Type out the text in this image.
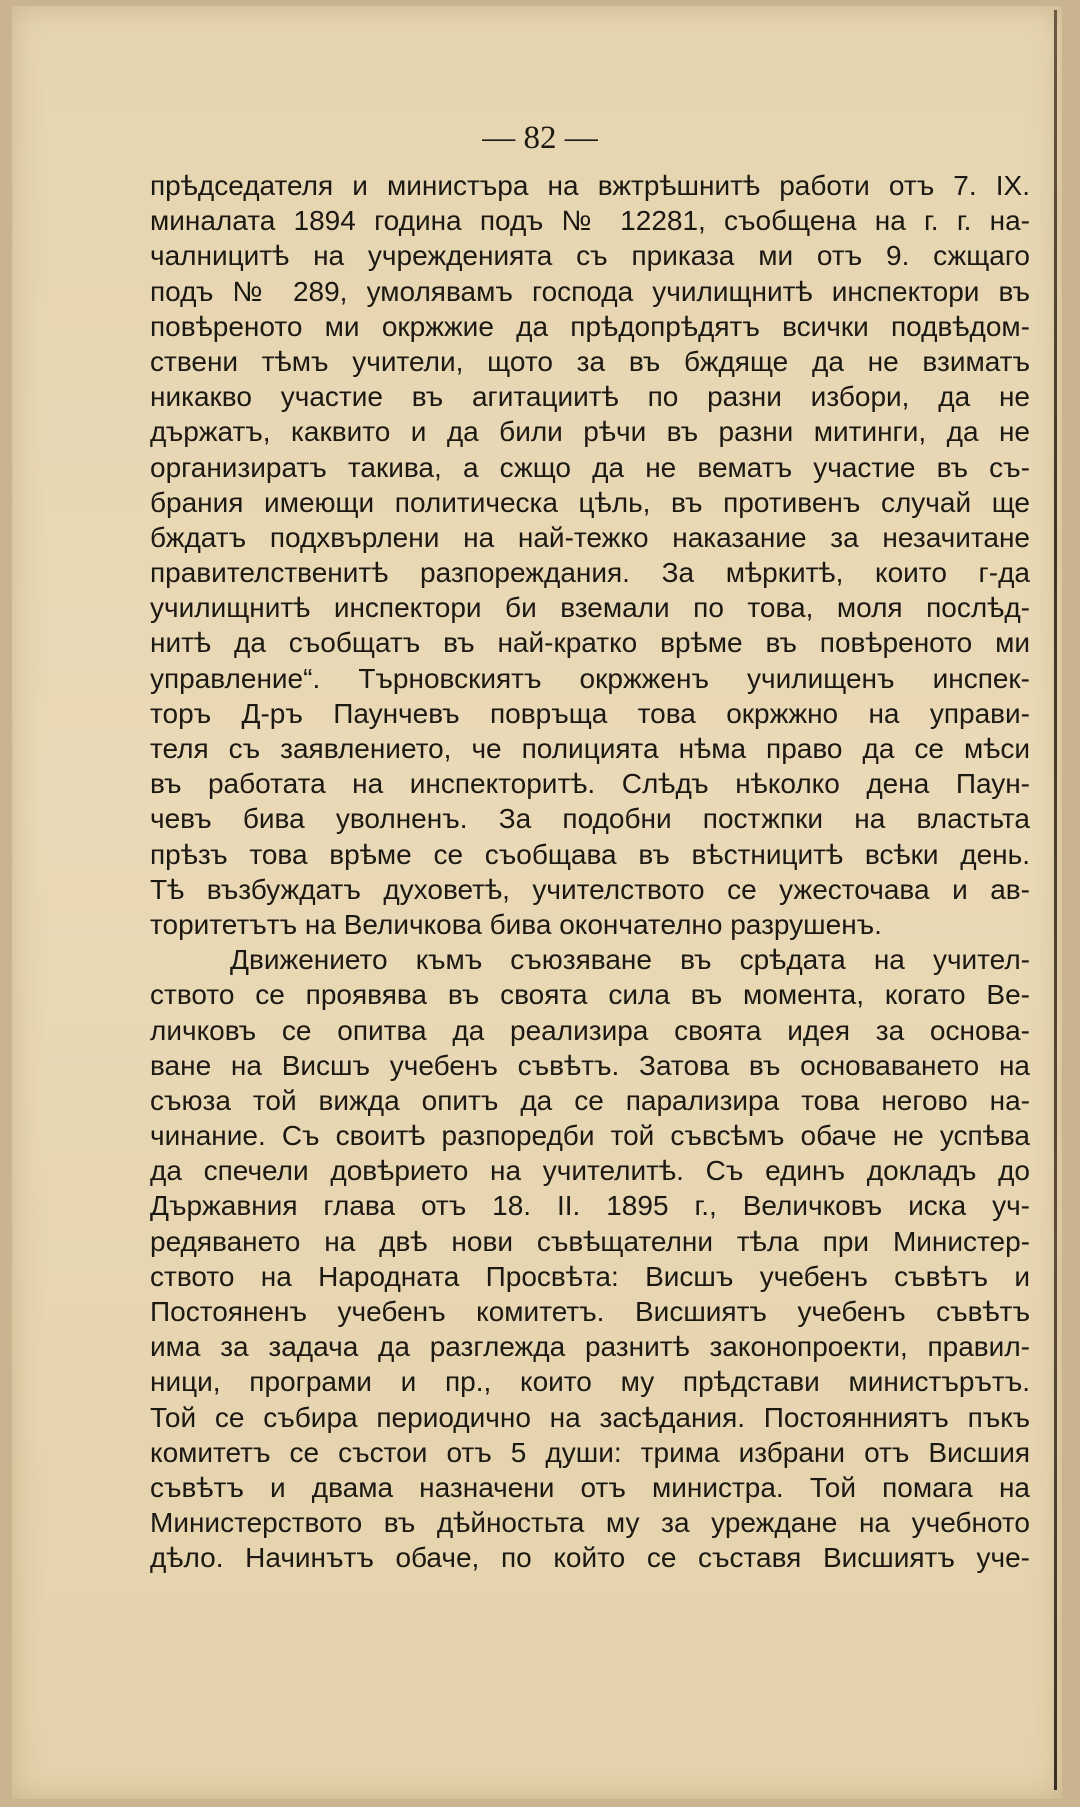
— 82 —
прѣдседателя и министъра на вжтрѣшнитѣ работи отъ 7. IX.
миналата 1894 година подъ № 12281, съобщена на г. г. на-
чалницитѣ на учрежденията съ приказа ми отъ 9. сжщаго
подъ № 289, умолявамъ господа училищнитѣ инспектори въ
повѣреното ми окржжие да прѣдопрѣдятъ всички подвѣдом-
ствени тѣмъ учители, щото за въ бждяще да не взиматъ
никакво участие въ агитациитѣ по разни избори, да не
държатъ, каквито и да били рѣчи въ разни митинги, да не
организиратъ такива, а сжщо да не вематъ участие въ съ-
брания имеющи политическа цѣль, въ противенъ случай ще
бждатъ подхвърлени на най-тежко наказание за незачитане
правителственитѣ разпореждания. За мѣркитѣ, които г-да
училищнитѣ инспектори би вземали по това, моля послѣд-
нитѣ да съобщатъ въ най-кратко врѣме въ повѣреното ми
управление“. Търновскиятъ окржженъ училищенъ инспек-
торъ Д-ръ Паунчевъ повръща това окржжно на управи-
теля съ заявлението, че полицията нѣма право да се мѣси
въ работата на инспекторитѣ. Слѣдъ нѣколко дена Паун-
чевъ бива уволненъ. За подобни постжпки на властьта
прѣзъ това врѣме се съобщава въ вѣстницитѣ всѣки день.
Тѣ възбуждатъ духоветѣ, учителството се ужесточава и ав-
торитетътъ на Величкова бива окончателно разрушенъ.
Движението къмъ съюзяване въ срѣдата на учител-
ството се проявява въ своята сила въ момента, когато Ве-
личковъ се опитва да реализира своята идея за основа-
ване на Висшъ учебенъ съвѣтъ. Затова въ основаването на
съюза той вижда опитъ да се парализира това негово на-
чинание. Съ своитѣ разпоредби той съвсѣмъ обаче не успѣва
да спечели довѣрието на учителитѣ. Съ единъ докладъ до
Държавния глава отъ 18. II. 1895 г., Величковъ иска уч-
редяването на двѣ нови съвѣщателни тѣла при Министер-
ството на Народната Просвѣта: Висшъ учебенъ съвѣтъ и
Постояненъ учебенъ комитетъ. Висшиятъ учебенъ съвѣтъ
има за задача да разглежда разнитѣ законопроекти, правил-
ници, програми и пр., които му прѣдстави министърътъ.
Той се събира периодично на засѣдания. Постоянниятъ пъкъ
комитетъ се състои отъ 5 души: трима избрани отъ Висшия
съвѣтъ и двама назначени отъ министра. Той помага на
Министерството въ дѣйностьта му за уреждане на учебното
дѣло. Начинътъ обаче, по който се съставя Висшиятъ уче-
